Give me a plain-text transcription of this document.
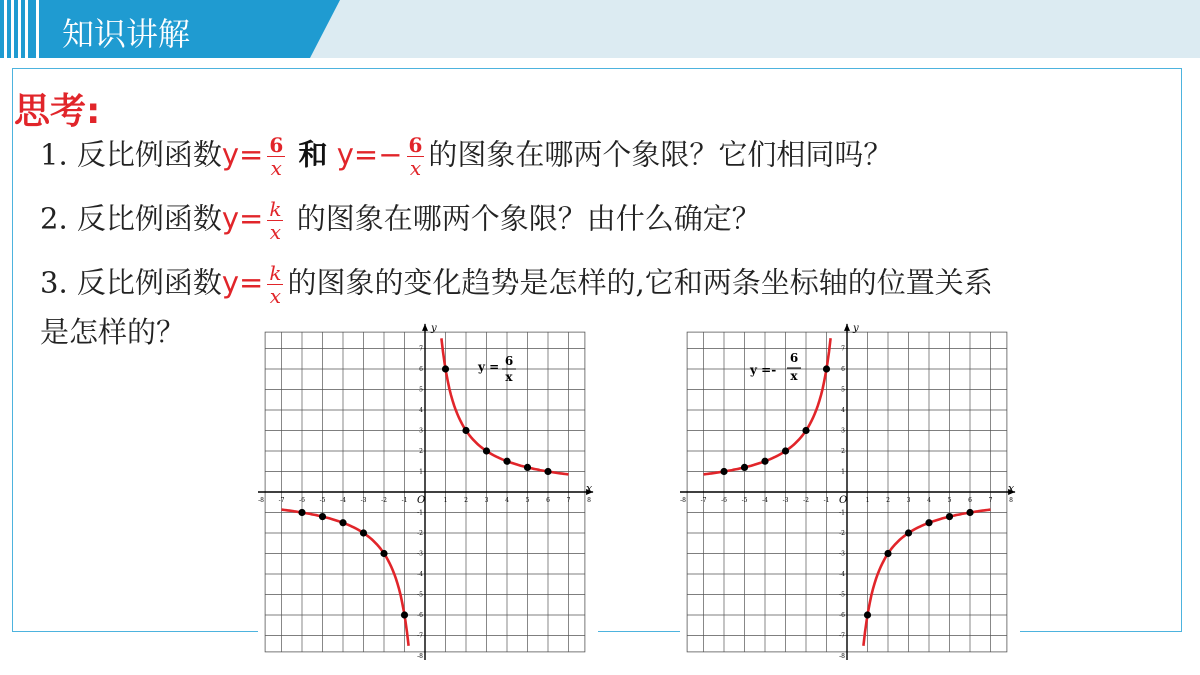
知识讲解
思考:
1. 反比例函数$y= \frac{6}{x}$ 和 $y=- \frac{6}{x}$ 的图象在哪两个象限？它们相同吗？
2. 反比例函数$y= \frac{k}{x}$ 的图象在哪两个象限？由什么确定？
3. 反比例函数$y= \frac{k}{x}$ 的图象的变化趋势是怎样的,它和两条坐标轴的位置关系
是怎样的？
-8 -7 -6 -5 -4 -3 -2 -1	1	2	3	4	5	6	7	8
-8
-7
-6
-5
-4
-3
-2
-1
1
2
3
4
5
6
7
y = 6
x
x
y
O	-8 -7 -6 -5 -4 -3 -2 -1	1	2	3	4	5	6	7	8
-8
-7
-6
-5
-4
-3
-2
-1
1
2
3
4
5
6
7
y =-
6
x
x
y
O
